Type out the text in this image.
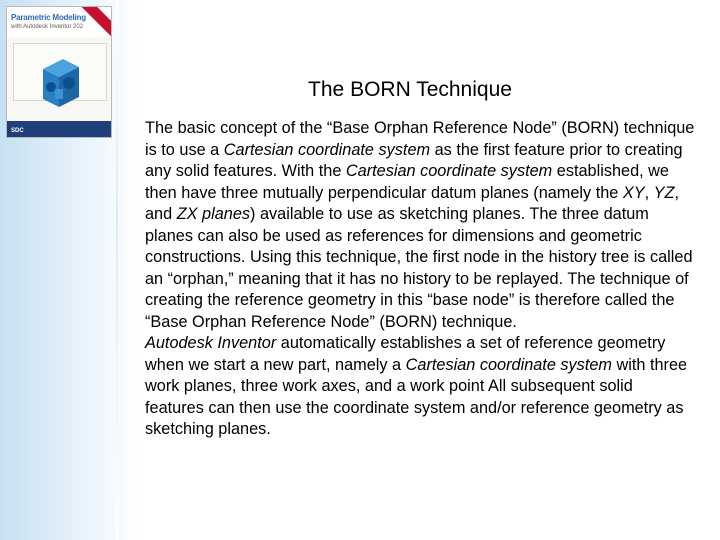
Parametric Modeling
with Autodesk Inventor 202
SDC
The BORN Technique

The basic concept of the “Base Orphan Reference Node” (BORN) technique is to use a Cartesian coordinate system as the first feature prior to creating any solid features. With the Cartesian coordinate system established, we then have three mutually perpendicular datum planes (namely the XY, YZ, and ZX planes) available to use as sketching planes. The three datum planes can also be used as references for dimensions and geometric constructions. Using this technique, the first node in the history tree is called an “orphan,” meaning that it has no history to be replayed. The technique of creating the reference geometry in this “base node” is therefore called the “Base Orphan Reference Node” (BORN) technique.

Autodesk Inventor automatically establishes a set of reference geometry when we start a new part, namely a Cartesian coordinate system with three work planes, three work axes, and a work point All subsequent solid features can then use the coordinate system and/or reference geometry as sketching planes.
